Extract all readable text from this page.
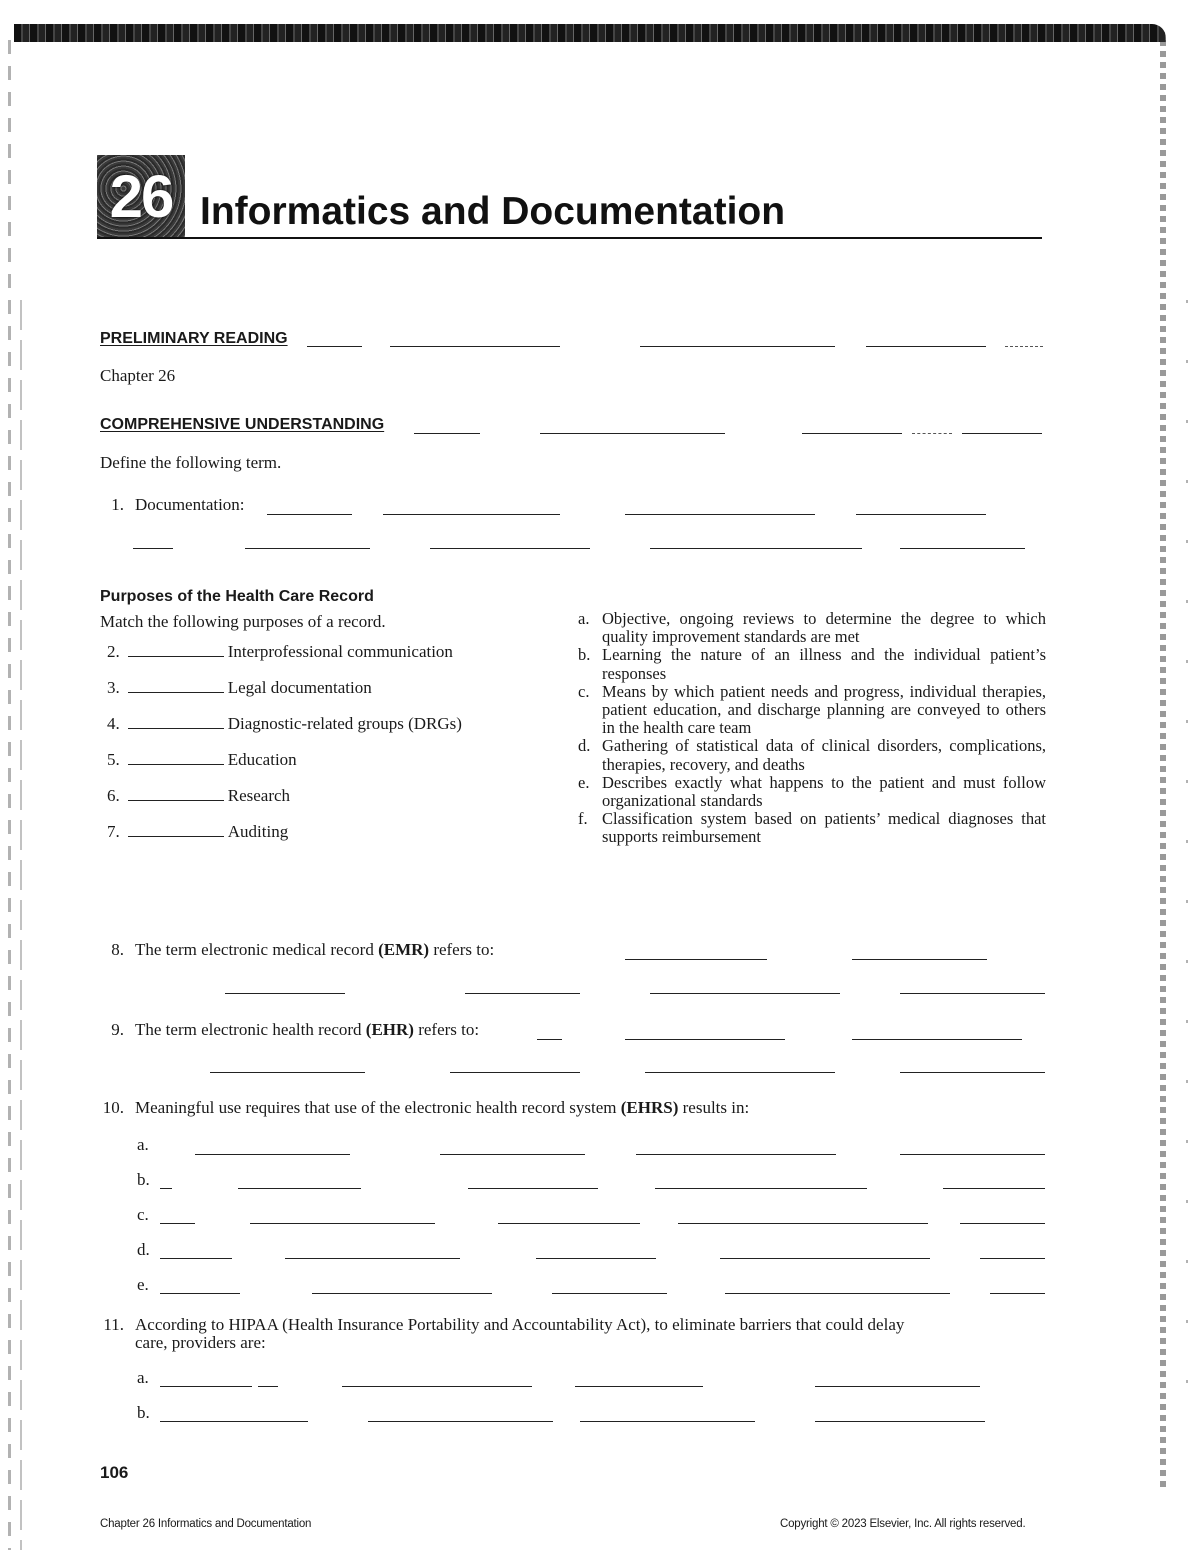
26 Informatics and Documentation
PRELIMINARY READING
Chapter 26
COMPREHENSIVE UNDERSTANDING
Define the following term.
1. Documentation:
Purposes of the Health Care Record
Match the following purposes of a record.
2.	Interprofessional communication
3.	Legal documentation
4.	Diagnostic-related groups (DRGs)
5.	Education
6.	Research
7.	Auditing
a. Objective, ongoing reviews to determine the degree to which quality improvement standards are met
b. Learning the nature of an illness and the individual patient’s responses
c. Means by which patient needs and progress, individual therapies, patient education, and discharge planning are conveyed to others in the health care team
d. Gathering of statistical data of clinical disorders, complications, therapies, recovery, and deaths
e. Describes exactly what happens to the patient and must follow organizational standards
f. Classification system based on patients’ medical diagnoses that supports reimbursement
8. The term electronic medical record (EMR) refers to:
9. The term electronic health record (EHR) refers to:
10. Meaningful use requires that use of the electronic health record system (EHRS) results in:
a.
b.
c.
d.
e.
11. According to HIPAA (Health Insurance Portability and Accountability Act), to eliminate barriers that could delay
care, providers are:
a.
b.
106
Chapter 26 Informatics and Documentation	Copyright © 2023 Elsevier, Inc. All rights reserved.
